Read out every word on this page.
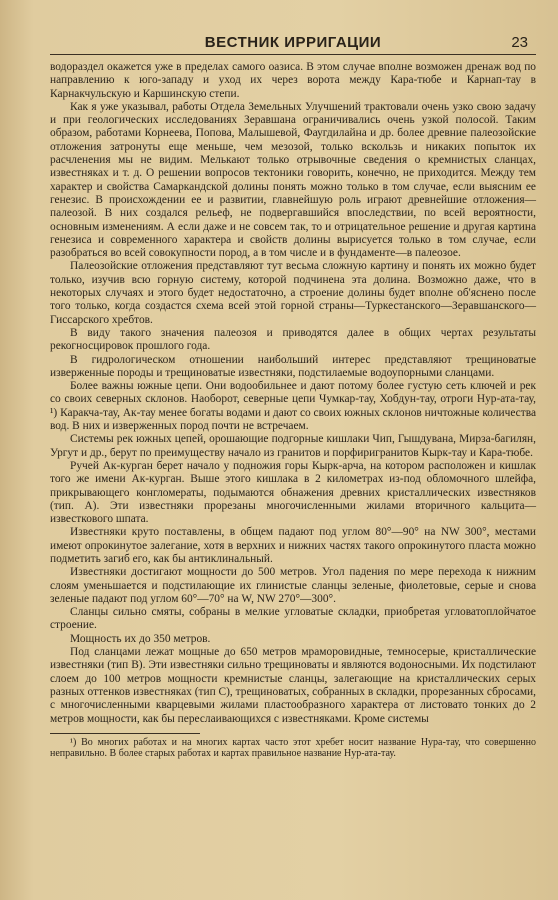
ВЕСТНИК ИРРИГАЦИИ	23

водораздел окажется уже в пределах самого оазиса. В этом случае вполне возможен дренаж вод по направлению к юго-западу и уход их через ворота между Кара-тюбе и Карнап-тау в Карнакчульскую и Каршинскую степи.

Как я уже указывал, работы Отдела Земельных Улучшений трактовали очень узко свою задачу и при геологических исследованиях Зеравшана ограничивались очень узкой полосой. Таким образом, работами Корнеева, Попова, Малышевой, Фаугдилайна и др. более древние палеозойские отложения затронуты еще меньше, чем мезозой, только вскользь и никаких попыток их расчленения мы не видим. Мелькают только отрывочные сведения о кремнистых сланцах, известняках и т. д. О решении вопросов тектоники говорить, конечно, не приходится. Между тем характер и свойства Самаркандской долины понять можно только в том случае, если выясним ее генезис. В происхождении ее и развитии, главнейшую роль играют древнейшие отложения—палеозой. В них создался рельеф, не подвергавшийся впоследствии, по всей вероятности, основным изменениям. А если даже и не совсем так, то и отрицательное решение и другая картина генезиса и современного характера и свойств долины вырисуется только в том случае, если разобраться во всей совокупности пород, а в том числе и в фундаменте—в палеозое.

Палеозойские отложения представляют тут весьма сложную картину и понять их можно будет только, изучив всю горную систему, которой подчинена эта долина. Возможно даже, что в некоторых случаях и этого будет недостаточно, а строение долины будет вполне об'яснено после того только, когда создастся схема всей этой горной страны—Туркестанского—Зеравшанского—Гиссарского хребтов.

В виду такого значения палеозоя и приводятся далее в общих чертах результаты рекогносцировок прошлого года.

В гидрологическом отношении наибольший интерес представляют трещиноватые изверженные породы и трещиноватые известняки, подстилаемые водоупорными сланцами.

Более важны южные цепи. Они водообильнее и дают потому более густую сеть ключей и рек со своих северных склонов. Наоборот, северные цепи Чумкар-тау, Хобдун-тау, отроги Нур-ата-тау, ¹) Каракча-тау, Ак-тау менее богаты водами и дают со своих южных склонов ничтожные количества вод. В них и изверженных пород почти не встречаем.

Системы рек южных цепей, орошающие подгорные кишлаки Чип, Гышдувана, Мирза-багилян, Ургут и др., берут по преимуществу начало из гранитов и порфиригранитов Кырк-тау и Кара-тюбе.

Ручей Ак-курган берет начало у подножия горы Кырк-арча, на котором расположен и кишлак того же имени Ак-курган. Выше этого кишлака в 2 километрах из-под обломочного шлейфа, прикрывающего конгломераты, подымаются обнажения древних кристаллических известняков (тип. А). Эти известняки прорезаны многочисленными жилами вторичного кальцита—известкового шпата.

Известняки круто поставлены, в общем падают под углом 80°—90° на NW 300°, местами имеют опрокинутое залегание, хотя в верхних и нижних частях такого опрокинутого пласта можно подметить загиб его, как бы антиклинальный.

Известняки достигают мощности до 500 метров. Угол падения по мере перехода к нижним слоям уменьшается и подстилающие их глинистые сланцы зеленые, фиолетовые, серые и снова зеленые падают под углом 60°—70° на W, NW 270°—300°.

Сланцы сильно смяты, собраны в мелкие угловатые складки, приобретая угловатоплойчатое строение.

Мощность их до 350 метров.

Под сланцами лежат мощные до 650 метров мраморовидные, темносерые, кристаллические известняки (тип В). Эти известняки сильно трещиноваты и являются водоносными. Их подстилают слоем до 100 метров мощности кремнистые сланцы, залегающие на кристаллических серых разных оттенков известняках (тип С), трещиноватых, собранных в складки, прорезанных сбросами, с многочисленными кварцевыми жилами пластообразного характера от листовато тонких до 2 метров мощности, как бы переслаивающихся с известняками. Кроме системы

¹) Во многих работах и на многих картах часто этот хребет носит название Нура-тау, что совершенно неправильно. В более старых работах и картах правильное название Нур-ата-тау.
